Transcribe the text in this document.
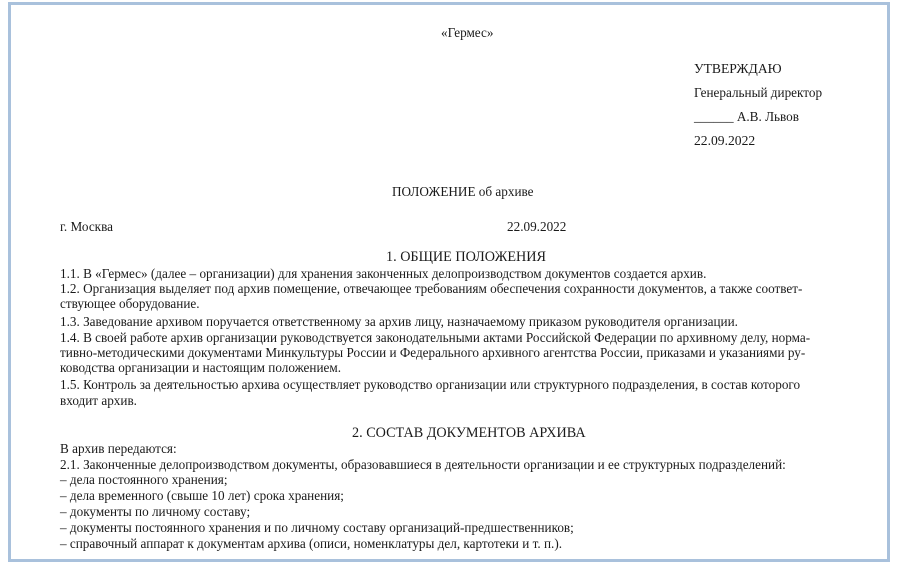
«Гермес»
УТВЕРЖДАЮ
Генеральный директор
______ А.В. Львов
22.09.2022
ПОЛОЖЕНИЕ об архиве
г. Москва	22.09.2022
1. ОБЩИЕ ПОЛОЖЕНИЯ
1.1. В «Гермес» (далее – организации) для хранения законченных делопроизводством документов создается архив.
1.2. Организация выделяет под архив помещение, отвечающее требованиям обеспечения сохранности документов, а также соответ-
ствующее оборудование.
1.3. Заведование архивом поручается ответственному за архив лицу, назначаемому приказом руководителя организации.
1.4. В своей работе архив организации руководствуется законодательными актами Российской Федерации по архивному делу, норма-
тивно-методическими документами Минкультуры России и Федерального архивного агентства России, приказами и указаниями ру-
ководства организации и настоящим положением.
1.5. Контроль за деятельностью архива осуществляет руководство организации или структурного подразделения, в состав которого
входит архив.
2. СОСТАВ ДОКУМЕНТОВ АРХИВА
В архив передаются:
2.1. Законченные делопроизводством документы, образовавшиеся в деятельности организации и ее структурных подразделений:
– дела постоянного хранения;
– дела временного (свыше 10 лет) срока хранения;
– документы по личному составу;
– документы постоянного хранения и по личному составу организаций-предшественников;
– справочный аппарат к документам архива (описи, номенклатуры дел, картотеки и т. п.).
